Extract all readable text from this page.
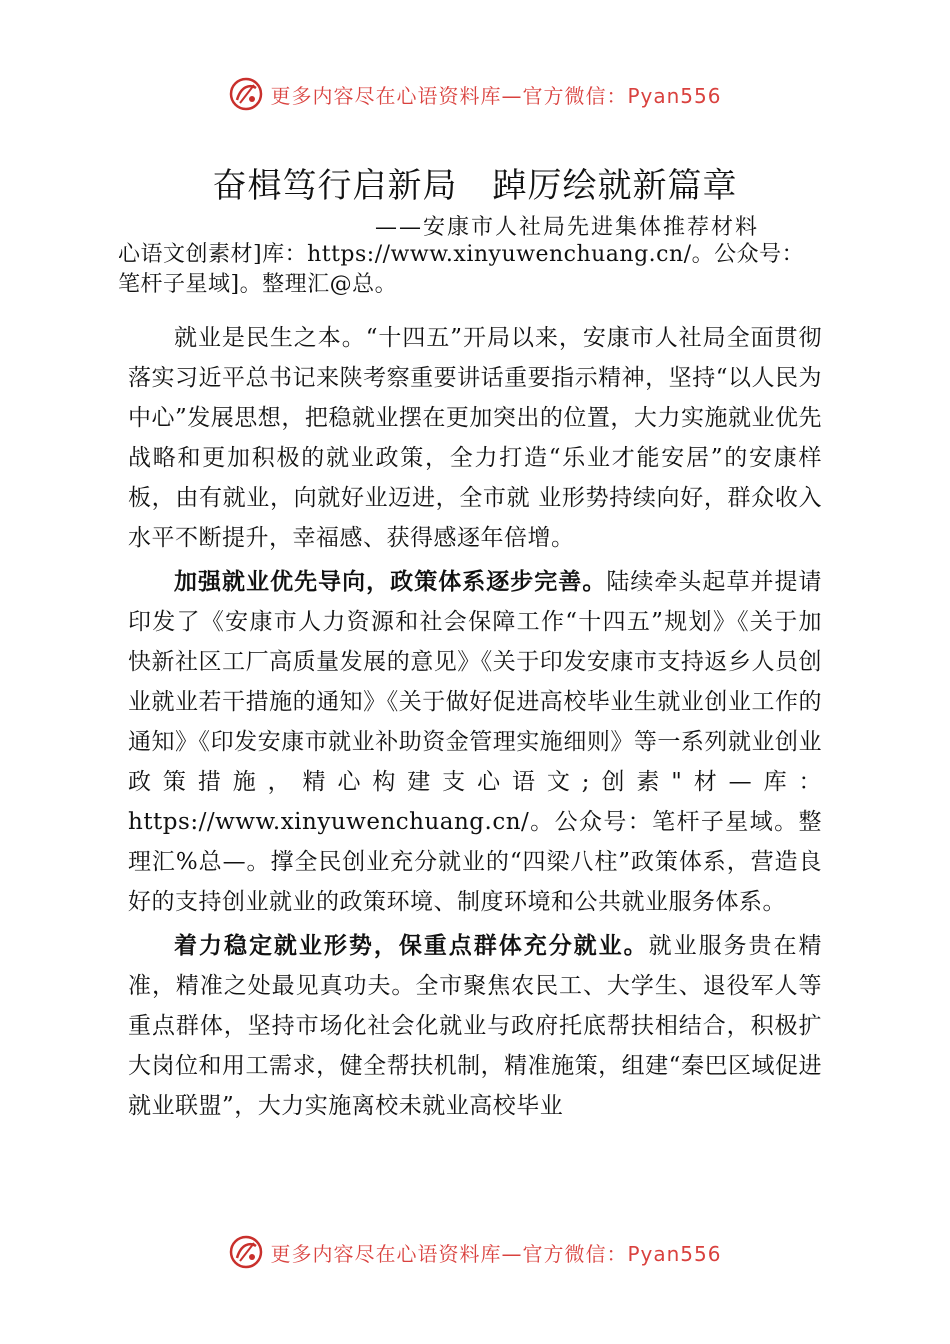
更多内容尽在心语资料库—官方微信：Pyan556
奋楫笃行启新局　踔厉绘就新篇章
——安康市人社局先进集体推荐材料
心语文创素材]库：https://www.xinyuwenchuang.cn/。公众号：
笔杆子星域]。整理汇@总。

就业是民生之本。“十四五”开局以来，安康市人社局全面贯彻落实习近平总书记来陕考察重要讲话重要指示精神，坚持“以人民为中心”发展思想，把稳就业摆在更加突出的位置，大力实施就业优先战略和更加积极的就业政策，全力打造“乐业才能安居”的安康样板，由有就业，向就好业迈进，全市就 业形势持续向好，群众收入水平不断提升，幸福感、获得感逐年倍增。

加强就业优先导向，政策体系逐步完善。陆续牵头起草并提请印发了《安康市人力资源和社会保障工作“十四五”规划》《关于加快新社区工厂高质量发展的意见》《关于印发安康市支持返乡人员创业就业若干措施的通知》《关于做好促进高校毕业生就业创业工作的通知》《印发安康市就业补助资金管理实施细则》等一系列就业创业政策措施，精心构建支心语文;创素"材—库：https://www.xinyuwenchuang.cn/。公众号：笔杆子星域。整理汇%总—。撑全民创业充分就业的“四梁八柱”政策体系，营造良好的支持创业就业的政策环境、制度环境和公共就业服务体系。

着力稳定就业形势，保重点群体充分就业。就业服务贵在精准，精准之处最见真功夫。全市聚焦农民工、大学生、退役军人等重点群体，坚持市场化社会化就业与政府托底帮扶相结合，积极扩大岗位和用工需求，健全帮扶机制，精准施策，组建“秦巴区域促进就业联盟”，大力实施离校未就业高校毕业

更多内容尽在心语资料库—官方微信：Pyan556
